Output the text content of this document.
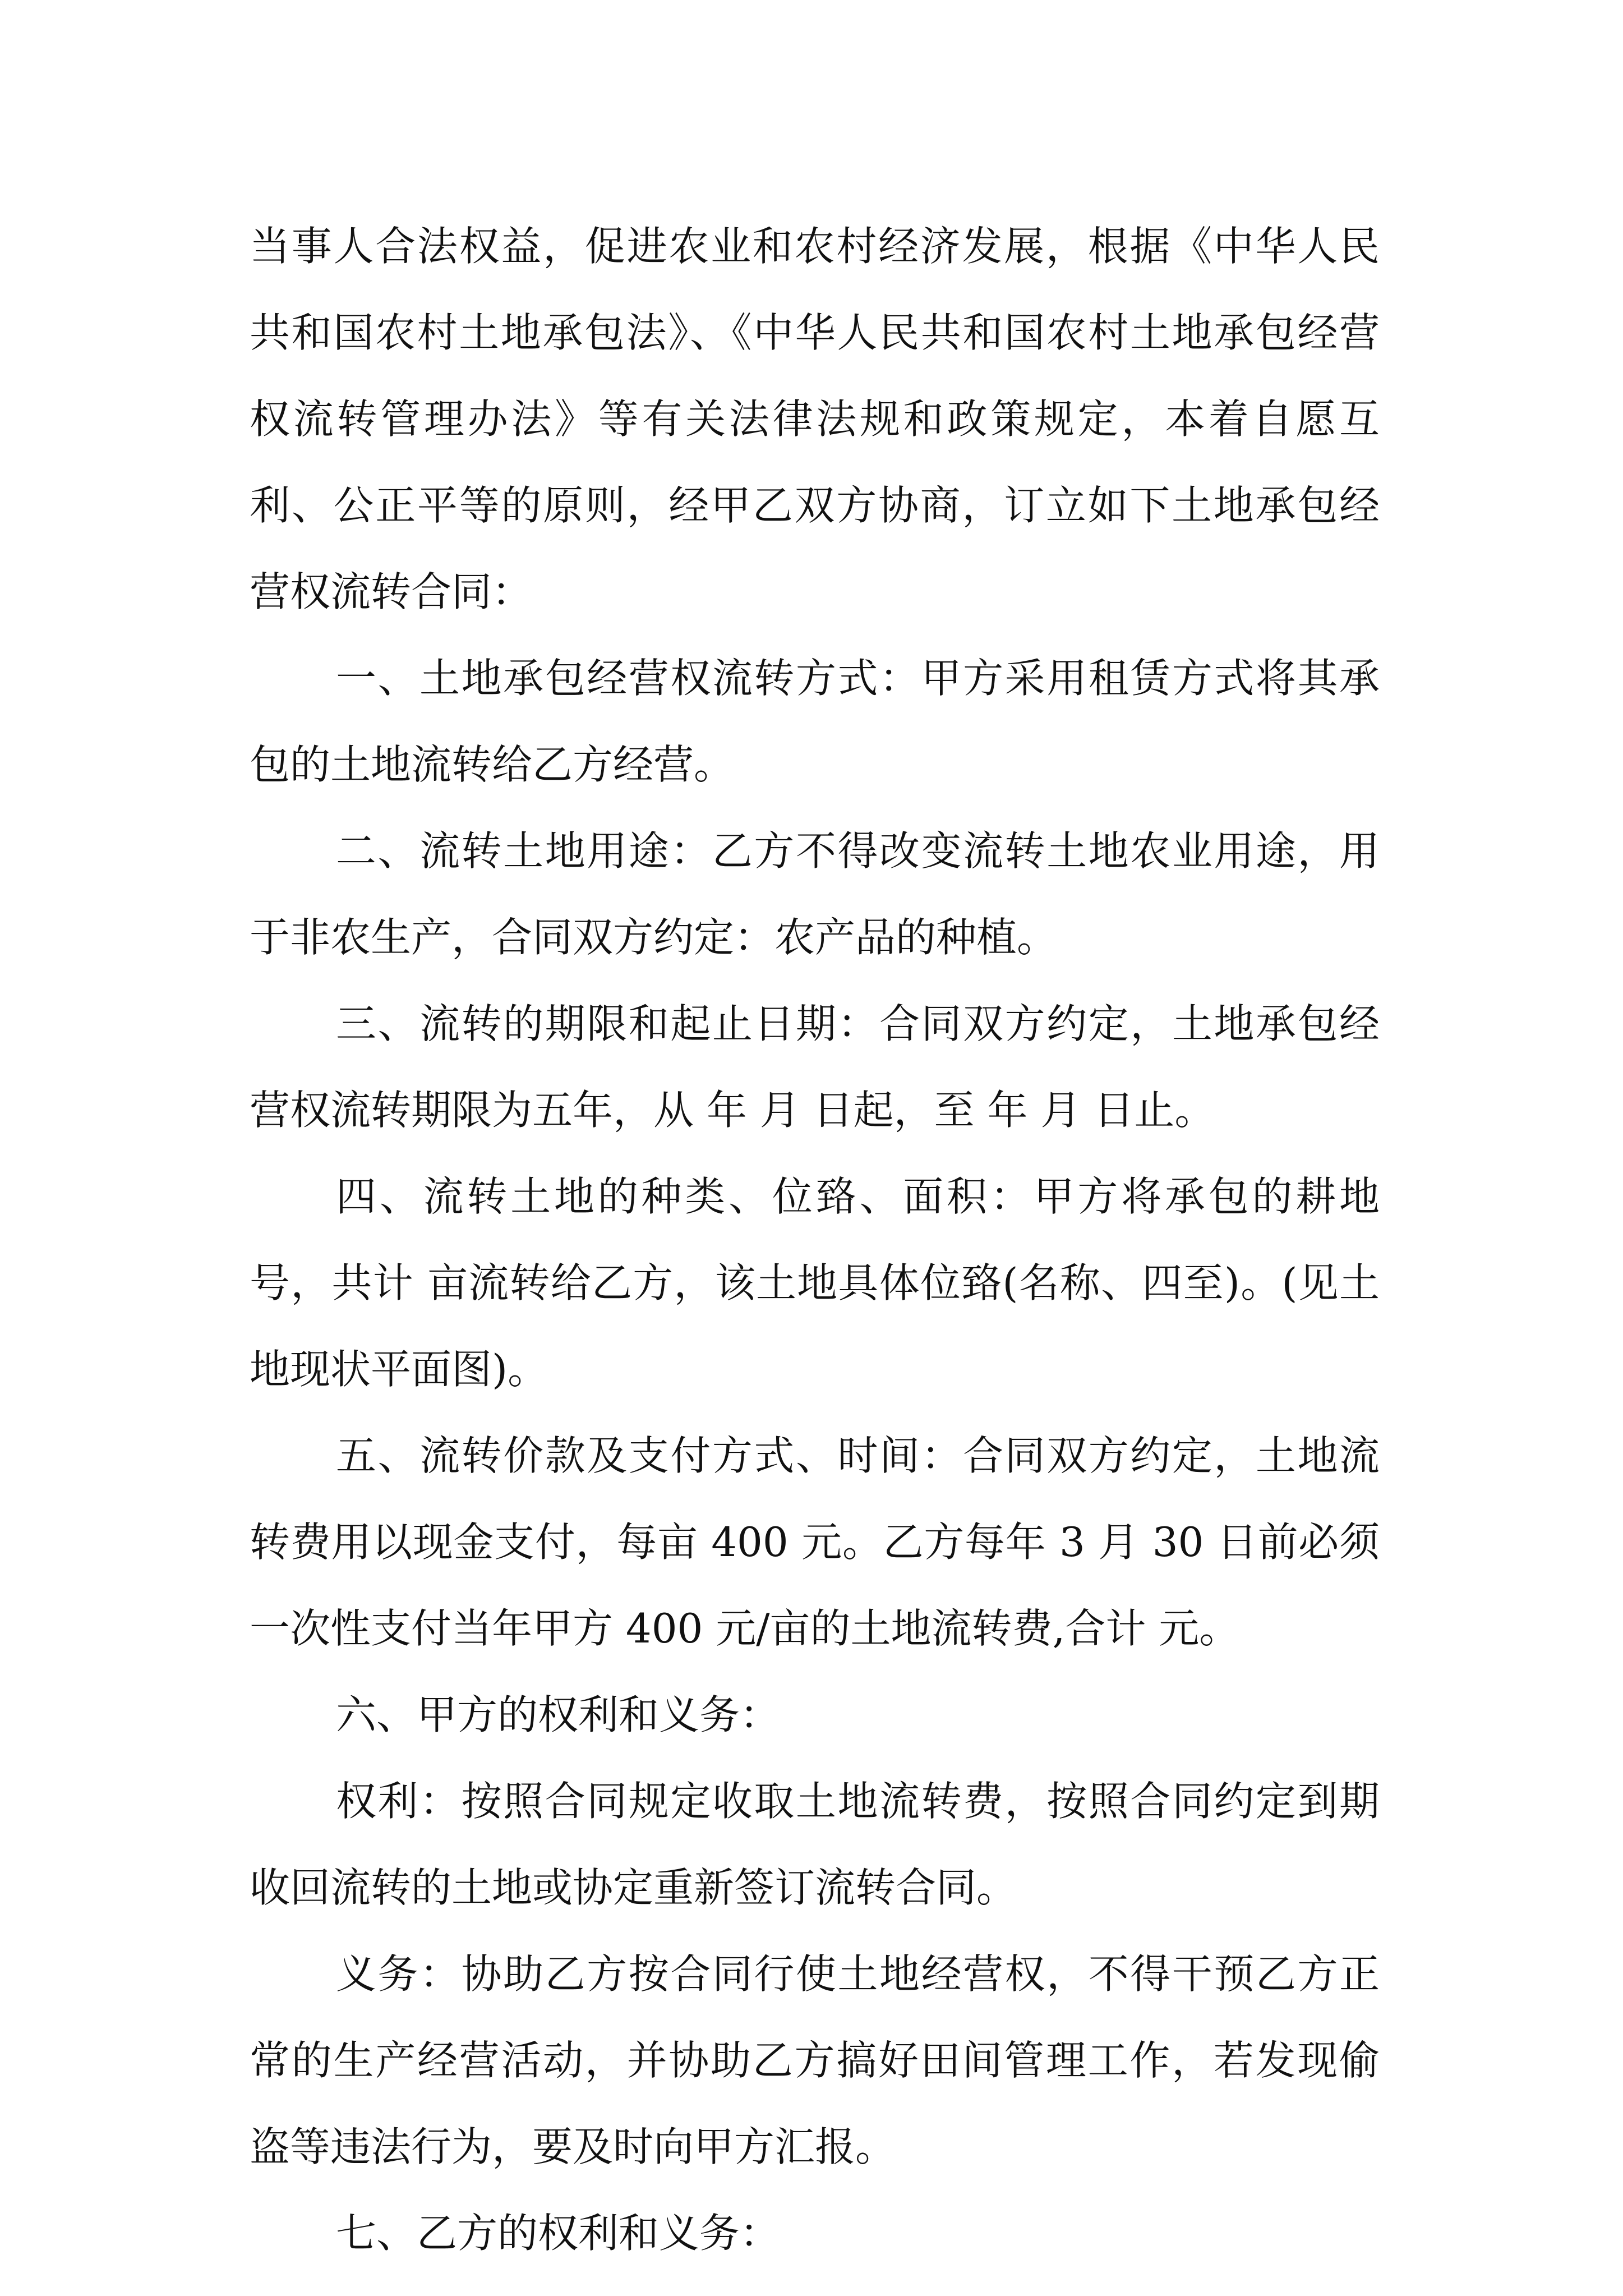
当事人合法权益，促进农业和农村经济发展，根据《中华人民共和国农村土地承包法》、《中华人民共和国农村土地承包经营权流转管理办法》等有关法律法规和政策规定，本着自愿互利、公正平等的原则，经甲乙双方协商，订立如下土地承包经营权流转合同：

一、土地承包经营权流转方式：甲方采用租赁方式将其承包的土地流转给乙方经营。

二、流转土地用途：乙方不得改变流转土地农业用途，用于非农生产，合同双方约定：农产品的种植。

三、流转的期限和起止日期：合同双方约定，土地承包经营权流转期限为五年，从 年 月 日起，至 年 月 日止。

四、流转土地的种类、位臵、面积：甲方将承包的耕地号，共计 亩流转给乙方，该土地具体位臵(名称、四至)。(见土地现状平面图)。

五、流转价款及支付方式、时间：合同双方约定，土地流转费用以现金支付，每亩 400 元。乙方每年 3 月 30 日前必须一次性支付当年甲方 400 元/亩的土地流转费,合计 元。

六、甲方的权利和义务：

权利：按照合同规定收取土地流转费，按照合同约定到期收回流转的土地或协定重新签订流转合同。

义务：协助乙方按合同行使土地经营权，不得干预乙方正常的生产经营活动，并协助乙方搞好田间管理工作，若发现偷盗等违法行为，要及时向甲方汇报。

七、乙方的权利和义务：
